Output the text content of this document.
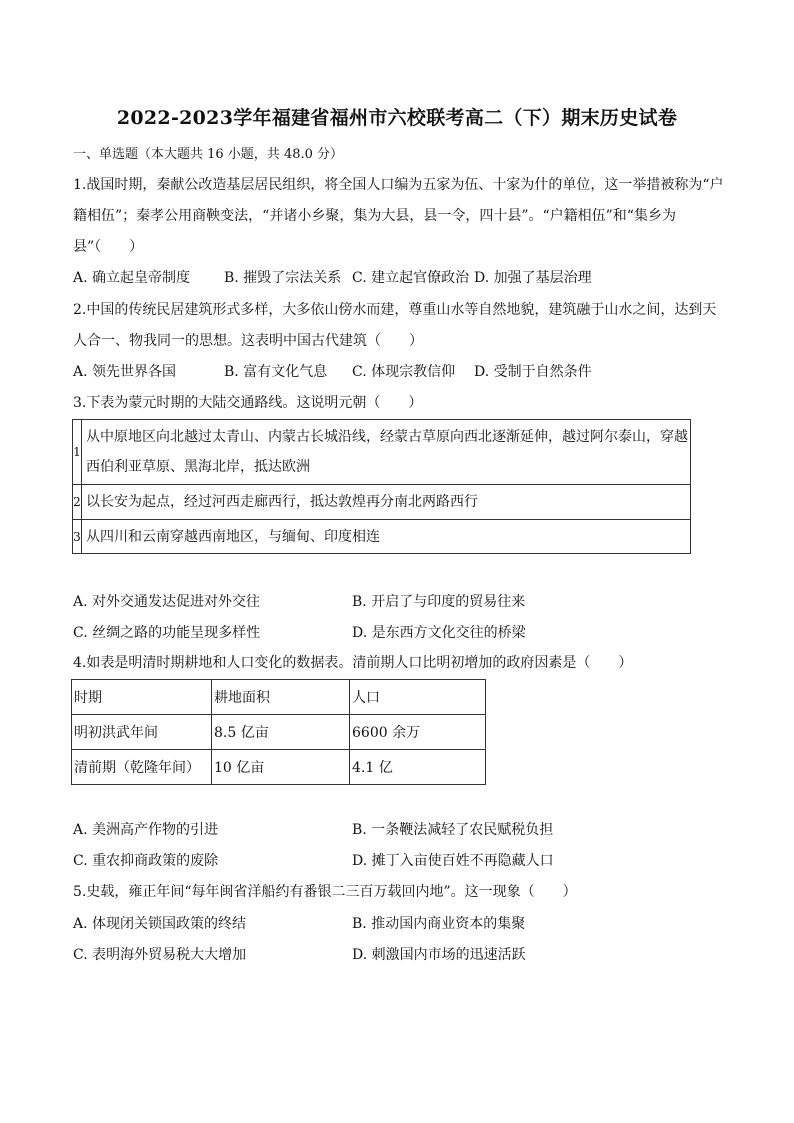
2022-2023学年福建省福州市六校联考高二（下）期末历史试卷
一、单选题（本大题共 16 小题，共 48.0 分）
1.战国时期，秦献公改造基层居民组织，将全国人口编为五家为伍、十家为什的单位，这一举措被称为“户
籍相伍”；秦孝公用商鞅变法，“并诸小乡聚，集为大县，县一令，四十县”。“户籍相伍”和“集乡为
县”（　　）
A. 确立起皇帝制度 B. 摧毁了宗法关系 C. 建立起官僚政治 D. 加强了基层治理
2.中国的传统民居建筑形式多样，大多依山傍水而建，尊重山水等自然地貌，建筑融于山水之间，达到天
人合一、物我同一的思想。这表明中国古代建筑（　　）
A. 领先世界各国	B. 富有文化气息 C. 体现宗教信仰 D. 受制于自然条件
3.下表为蒙元时期的大陆交通路线。这说明元朝（　　）
1	从中原地区向北越过太青山、内蒙古长城沿线，经蒙古草原向西北逐渐延伸，越过阿尔泰山，穿越
西伯利亚草原、黑海北岸，抵达欧洲

2	以长安为起点，经过河西走廊西行，抵达敦煌再分南北两路西行

3	从四川和云南穿越西南地区，与缅甸、印度相连
A. 对外交通发达促进对外交往	B. 开启了与印度的贸易往来
C. 丝绸之路的功能呈现多样性	D. 是东西方文化交往的桥梁
4.如表是明清时期耕地和人口变化的数据表。清前期人口比明初增加的政府因素是（　　）
时期	耕地面积	人口
明初洪武年间	8.5 亿亩	6600 余万
清前期（乾隆年间）	10 亿亩	4.1 亿
A. 美洲高产作物的引进	B. 一条鞭法减轻了农民赋税负担
C. 重农抑商政策的废除	D. 摊丁入亩使百姓不再隐藏人口
5.史载，雍正年间“每年闽省洋船约有番银二三百万载回内地”。这一现象（　　）
A. 体现闭关锁国政策的终结	B. 推动国内商业资本的集聚
C. 表明海外贸易税大大增加	D. 刺激国内市场的迅速活跃
